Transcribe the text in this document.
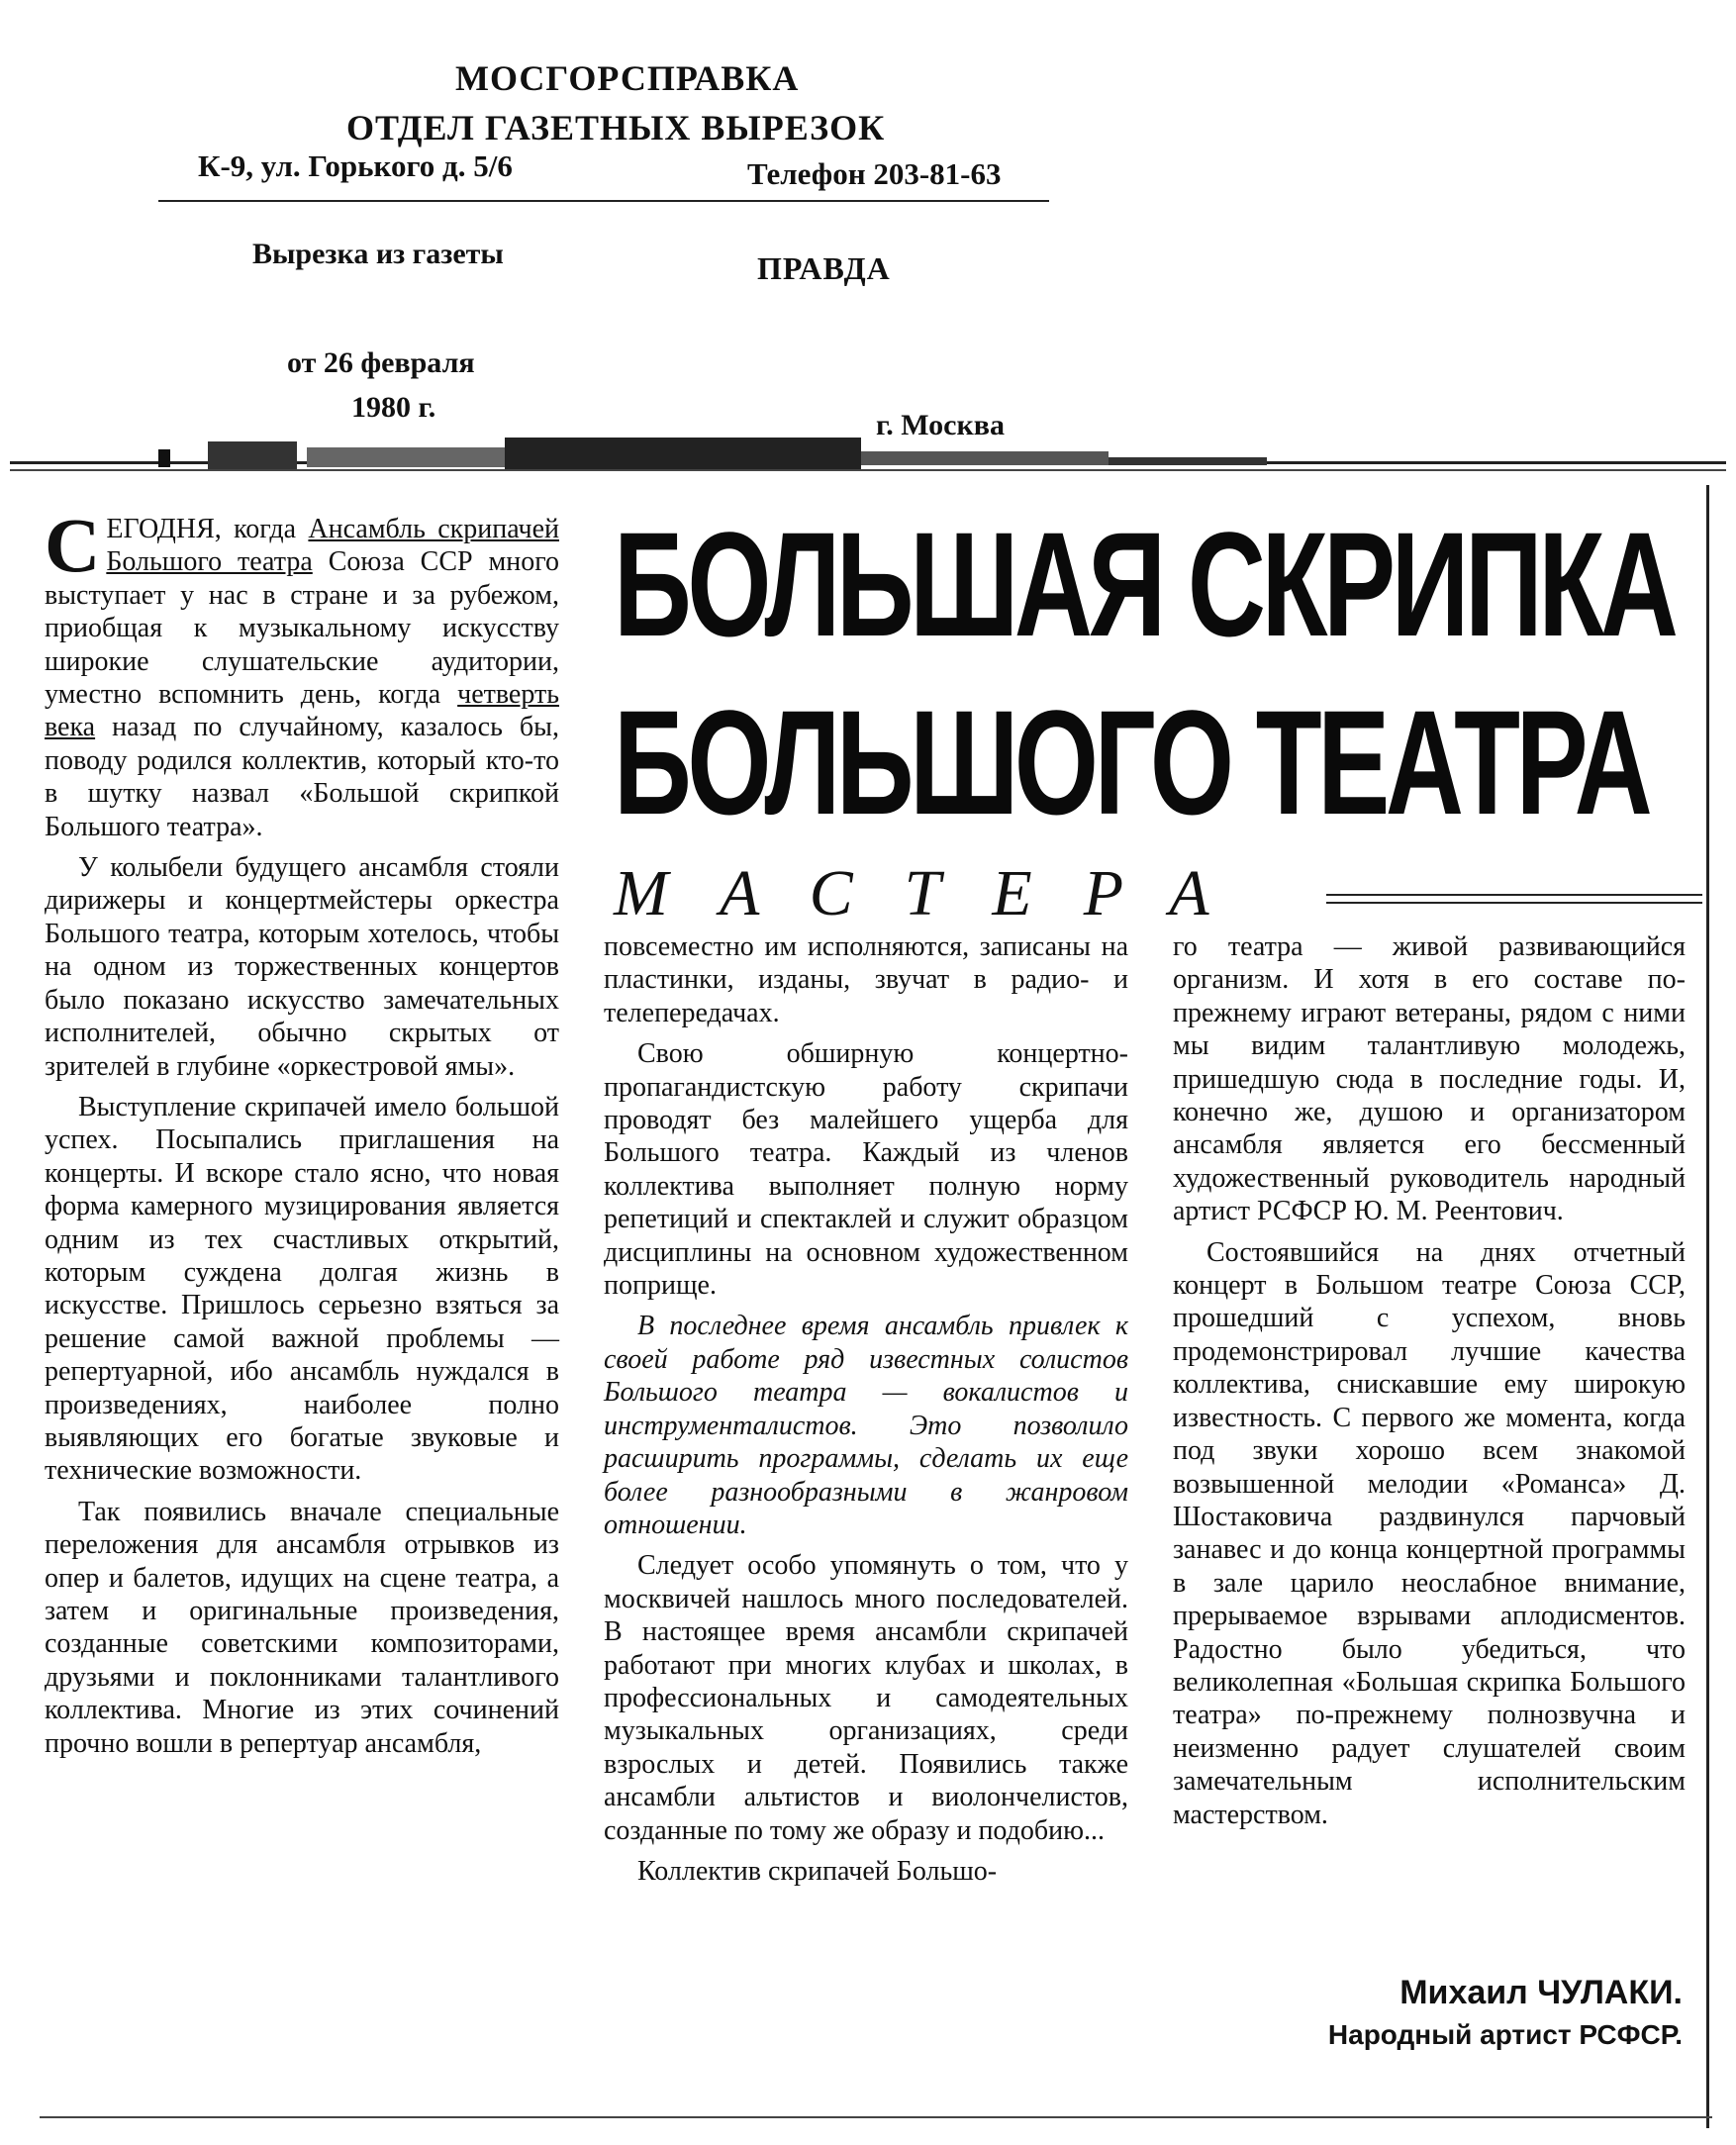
МОСГОРСПРАВКА
ОТДЕЛ ГАЗЕТНЫХ ВЫРЕЗОК
К-9, ул. Горького д. 5/6	Телефон 203-81-63
Вырезка из газеты	ПРАВДА
от 26 февраля
1980 г.
г. Москва
БОЛЬШАЯ СКРИПКА
БОЛЬШОГО ТЕАТРА
МАСТЕРА

СЕГОДНЯ, когда Ансамбль скрипачей Большого театра Союза ССР много выступает у нас в стране и за рубежом, приобщая к музыкальному искусству широкие слушательские аудитории, уместно вспомнить день, когда четверть века назад по случайному, казалось бы, поводу родился коллектив, который кто-то в шутку назвал «Большой скрипкой Большого театра».

У колыбели будущего ансамбля стояли дирижеры и концертмейстеры оркестра Большого театра, которым хотелось, чтобы на одном из торжественных концертов было показано искусство замечательных исполнителей, обычно скрытых от зрителей в глубине «оркестровой ямы».

Выступление скрипачей имело большой успех. Посыпались приглашения на концерты. И вскоре стало ясно, что новая форма камерного музицирования является одним из тех счастливых открытий, которым суждена долгая жизнь в искусстве. Пришлось серьезно взяться за решение самой важной проблемы — репертуарной, ибо ансамбль нуждался в произведениях, наиболее полно выявляющих его богатые звуковые и технические возможности.

Так появились вначале специальные переложения для ансамбля отрывков из опер и балетов, идущих на сцене театра, а затем и оригинальные произведения, созданные советскими композиторами, друзьями и поклонниками талантливого коллектива. Многие из этих сочинений прочно вошли в репертуар ансамбля,

повсеместно им исполняются, записаны на пластинки, изданы, звучат в радио- и телепередачах.

Свою обширную концертно-пропагандистскую работу скрипачи проводят без малейшего ущерба для Большого театра. Каждый из членов коллектива выполняет полную норму репетиций и спектаклей и служит образцом дисциплины на основном художественном поприще.

В последнее время ансамбль привлек к своей работе ряд известных солистов Большого театра — вокалистов и инструменталистов. Это позволило расширить программы, сделать их еще более разнообразными в жанровом отношении.

Следует особо упомянуть о том, что у москвичей нашлось много последователей. В настоящее время ансамбли скрипачей работают при многих клубах и школах, в профессиональных и самодеятельных музыкальных организациях, среди взрослых и детей. Появились также ансамбли альтистов и виолончелистов, созданные по тому же образу и подобию...

Коллектив скрипачей Большо-

го театра — живой развивающийся организм. И хотя в его составе по-прежнему играют ветераны, рядом с ними мы видим талантливую молодежь, пришедшую сюда в последние годы. И, конечно же, душою и организатором ансамбля является его бессменный художественный руководитель народный артист РСФСР Ю. М. Реентович.

Состоявшийся на днях отчетный концерт в Большом театре Союза ССР, прошедший с успехом, вновь продемонстрировал лучшие качества коллектива, снискавшие ему широкую известность. С первого же момента, когда под звуки хорошо всем знакомой возвышенной мелодии «Романса» Д. Шостаковича раздвинулся парчовый занавес и до конца концертной программы в зале царило неослабное внимание, прерываемое взрывами аплодисментов. Радостно было убедиться, что великолепная «Большая скрипка Большого театра» по-прежнему полнозвучна и неизменно радует слушателей своим замечательным исполнительским мастерством.

Михаил ЧУЛАКИ.
Народный артист РСФСР.
